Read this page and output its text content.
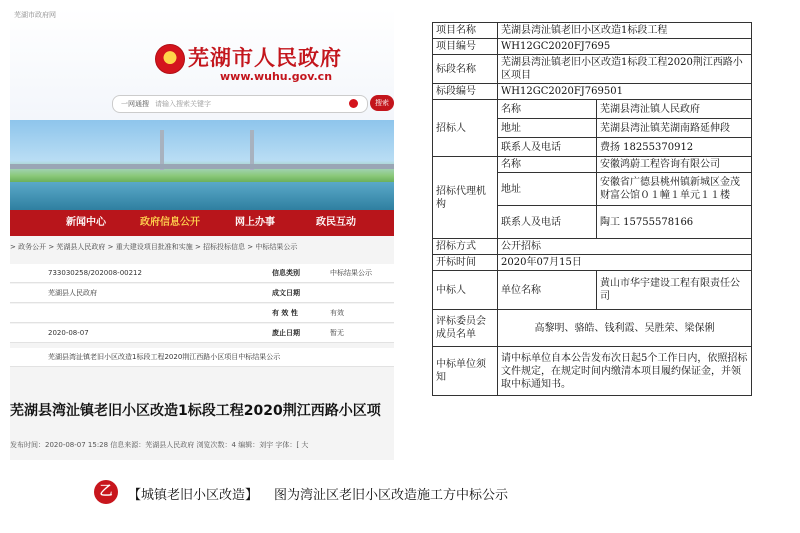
芜湖市政府网
芜湖市人民政府
www.wuhu.gov.cn
一网通搜 请输入搜索关键字	搜索
新闻中心	政府信息公开	网上办事	政民互动
> 政务公开 > 芜湖县人民政府 > 重大建设项目批准和实施 > 招标投标信息 > 中标结果公示
733030258/202008-00212	信息类别	中标结果公示
芜湖县人民政府	成文日期
有 效 性	有效
2020-08-07	废止日期	暂无
芜湖县湾沚镇老旧小区改造1标段工程2020荆江西路小区项目中标结果公示
芜湖县湾沚镇老旧小区改造1标段工程2020荆江西路小区项
发布时间：2020-08-07 15:28 信息来源：芜湖县人民政府 浏览次数：4 编辑：刘宇 字体：[ 大
项目名称	芜湖县湾沚镇老旧小区改造1标段工程	
项目编号	WH12GC2020FJ7695	
标段名称	芜湖县湾沚镇老旧小区改造1标段工程2020荆江西路小区项目	
标段编号	WH12GC2020FJ769501	
招标人	名称	芜湖县湾沚镇人民政府
	地址	芜湖县湾沚镇芜湖南路延伸段
	联系人及电话	费扬 18255370912
招标代理机构	名称	安徽鸿蔚工程咨询有限公司
	地址	安徽省广德县桃州镇新城区金茂财富公馆０１幢１单元１１楼
	联系人及电话	陶工 15755578166
招标方式	公开招标	
开标时间	2020年07月15日	
中标人	单位名称	黄山市华宇建设工程有限责任公司
评标委员会成员名单	高黎明、骆皓、钱利霞、吴胜荣、梁保俐	
中标单位须知	请中标单位自本公告发布次日起5个工作日内，依照招标文件规定，在规定时间内缴清本项目履约保证金，并领取中标通知书。	
乙	【城镇老旧小区改造】 图为湾沚区老旧小区改造施工方中标公示
